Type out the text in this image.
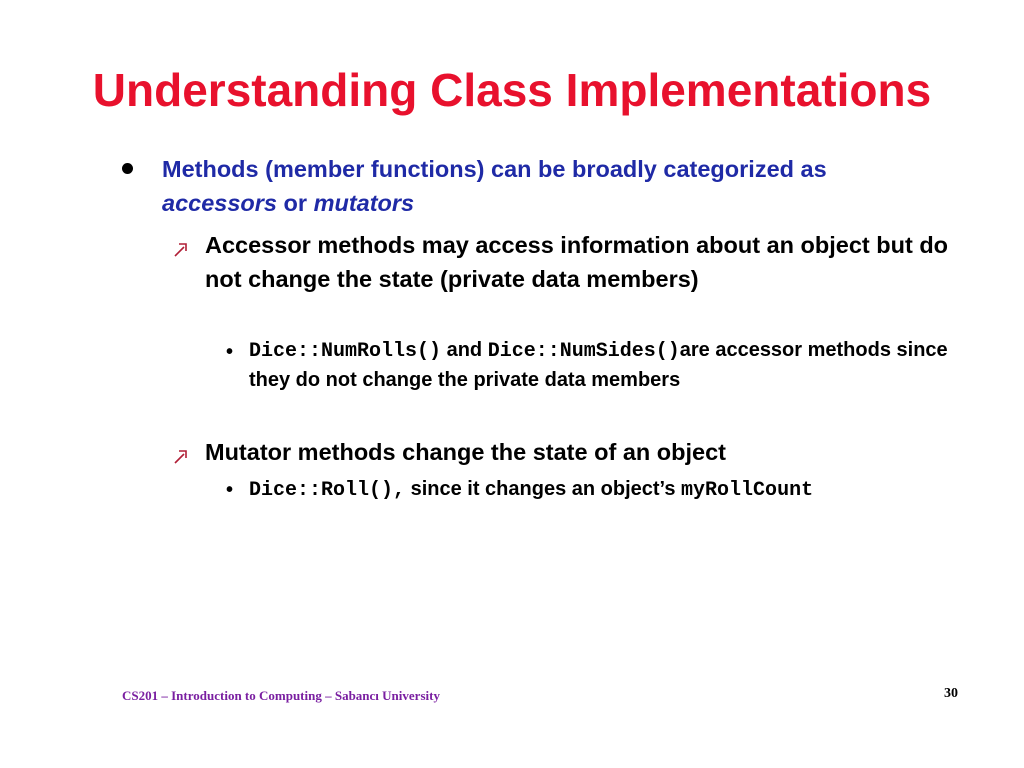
Understanding Class Implementations
Methods (member functions) can be broadly categorized as
accessors or mutators
Accessor methods may access information about an object but do not change the state (private data members)
• Dice::NumRolls() and Dice::NumSides()are accessor methods since they do not change the private data members
Mutator methods change the state of an object
• Dice::Roll(), since it changes an object’s myRollCount
CS201 – Introduction to Computing – Sabancı University	30
